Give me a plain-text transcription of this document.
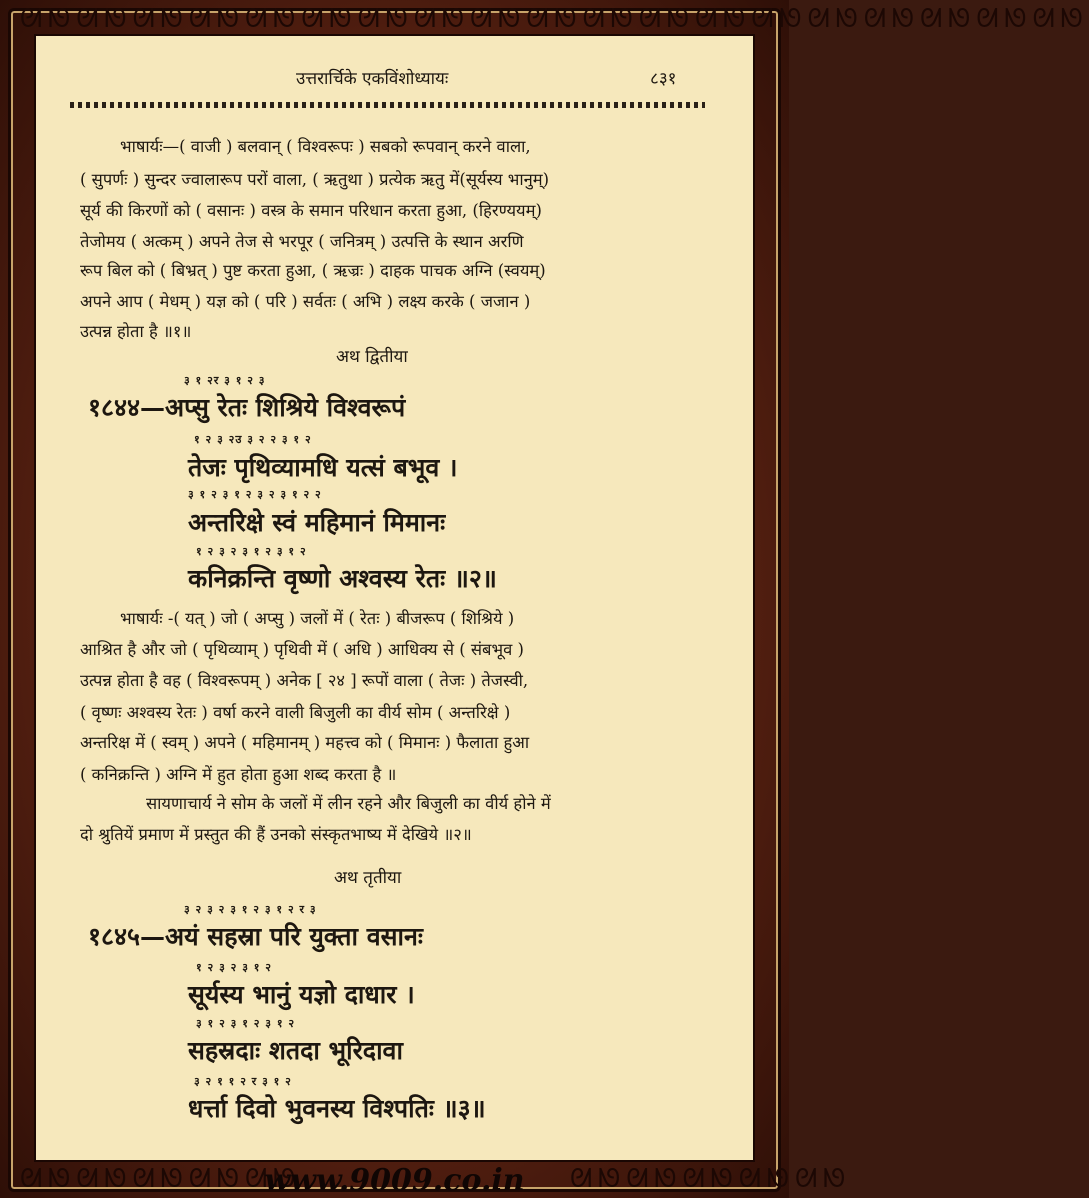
ᘛᘚᘛᘚᘛᘚᘛᘚᘛᘚᘛᘚᘛᘚᘛᘚᘛᘚᘛᘚᘛᘚᘛᘚᘛᘚᘛᘚᘛᘚᘛᘚᘛᘚᘛᘚᘛᘚ
ᘛᘚᘛᘚᘛᘚᘛᘚᘛᘚ	ᘛᘚᘛᘚᘛᘚᘛᘚᘛᘚ
उत्तरार्चिके एकविंशोध्यायः	८३१
भाषार्यः—( वाजी ) बलवान् ( विश्वरूपः ) सबको रूपवान् करने वाला,
( सुपर्णः ) सुन्दर ज्वालारूप परों वाला, ( ऋतुथा ) प्रत्येक ऋतु में(सूर्यस्य भानुम्)
सूर्य की किरणों को ( वसानः ) वस्त्र के समान परिधान करता हुआ, (हिरण्ययम्)
तेजोमय ( अत्कम् ) अपने तेज से भरपूर ( जनित्रम् ) उत्पत्ति के स्थान अरणि
रूप बिल को ( बिभ्रत् ) पुष्ट करता हुआ, ( ऋज्रः ) दाहक पाचक अग्नि (स्वयम्)
अपने आप ( मेधम् ) यज्ञ को ( परि ) सर्वतः ( अभि ) लक्ष्य करके ( जजान )
उत्पन्न होता है ॥१॥
अथ द्वितीया
३ १ २र ३ १ २ ३
१८४४—अप्सु रेतः शिश्रिये विश्वरूपं
१ २ ३ २उ ३ २ २ ३ १ २
तेजः पृथिव्यामधि यत्सं बभूव ।
३ १ २ ३ १ २ ३ २ ३ १ २ २
अन्तरिक्षे स्वं महिमानं मिमानः
१ २ ३ २ ३ १ २ ३ १ २
कनिक्रन्ति वृष्णो अश्वस्य रेतः ॥२॥
भाषार्यः -( यत् ) जो ( अप्सु ) जलों में ( रेतः ) बीजरूप ( शिश्रिये )
आश्रित है और जो ( पृथिव्याम् ) पृथिवी में ( अधि ) आधिक्य से ( संबभूव )
उत्पन्न होता है वह ( विश्वरूपम् ) अनेक [ २४ ] रूपों वाला ( तेजः ) तेजस्वी,
( वृष्णः अश्वस्य रेतः ) वर्षा करने वाली बिजुली का वीर्य सोम ( अन्तरिक्षे )
अन्तरिक्ष में ( स्वम् ) अपने ( महिमानम् ) महत्त्व को ( मिमानः ) फैलाता हुआ
( कनिक्रन्ति ) अग्नि में हुत होता हुआ शब्द करता है ॥
सायणाचार्य ने सोम के जलों में लीन रहने और बिजुली का वीर्य होने में
दो श्रुतियें प्रमाण में प्रस्तुत की हैं उनको संस्कृतभाष्य में देखिये ॥२॥
अथ तृतीया
३ २ ३ २ ३ १ २ ३ १ २ र ३
१८४५—अयं सहस्रा परि युक्ता वसानः
१ २ ३ २ ३ १ २
सूर्यस्य भानुं यज्ञो दाधार ।
३ १ २ ३ १ २ ३ १ २
सहस्रदाः शतदा भूरिदावा
३ २ १ १ २ र ३ १ २
धर्त्ता दिवो भुवनस्य विश्पतिः ॥३॥
www.9009.co.in
